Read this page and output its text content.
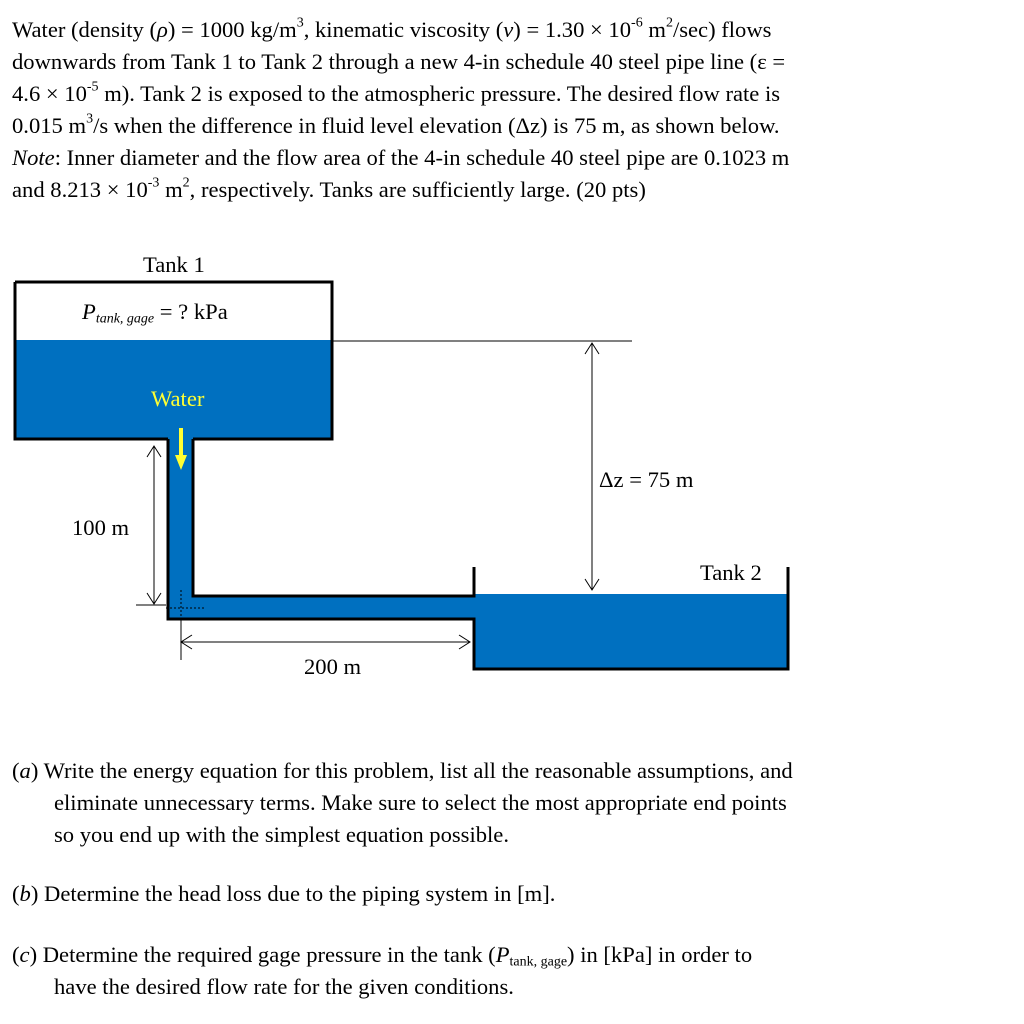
Water (density (ρ) = 1000 $kg/m^3$, kinematic viscosity $(\nu) = 1.30 \times 10^{-6}$ $m^2/\sec$) flows
downwards from Tank 1 to Tank 2 through a new 4-in schedule 40 steel pipe line (ε =
$4.6 \times 10^{-5}$ m). Tank 2 is exposed to the atmospheric pressure. The desired flow rate is
0.015 $m^3/s$ when the difference in fluid level elevation (Δz) is 75 m, as shown below.
Note: Inner diameter and the flow area of the 4-in schedule 40 steel pipe are 0.1023 m
and $8.213 \times 10^{-3}$ $m^2$, respectively. Tanks are sufficiently large. (20 pts)
Tank 1
$P_{tank, gage}$ = ? kPa
Water
Δz = 75 m
Tank 2
100 m
200 m
(a) Write the energy equation for this problem, list all the reasonable assumptions, and
eliminate unnecessary terms. Make sure to select the most appropriate end points
so you end up with the simplest equation possible.
(b) Determine the head loss due to the piping system in [m].
(c) Determine the required gage pressure in the tank $(P_{tank, gage})$ in [kPa] in order to
have the desired flow rate for the given conditions.
